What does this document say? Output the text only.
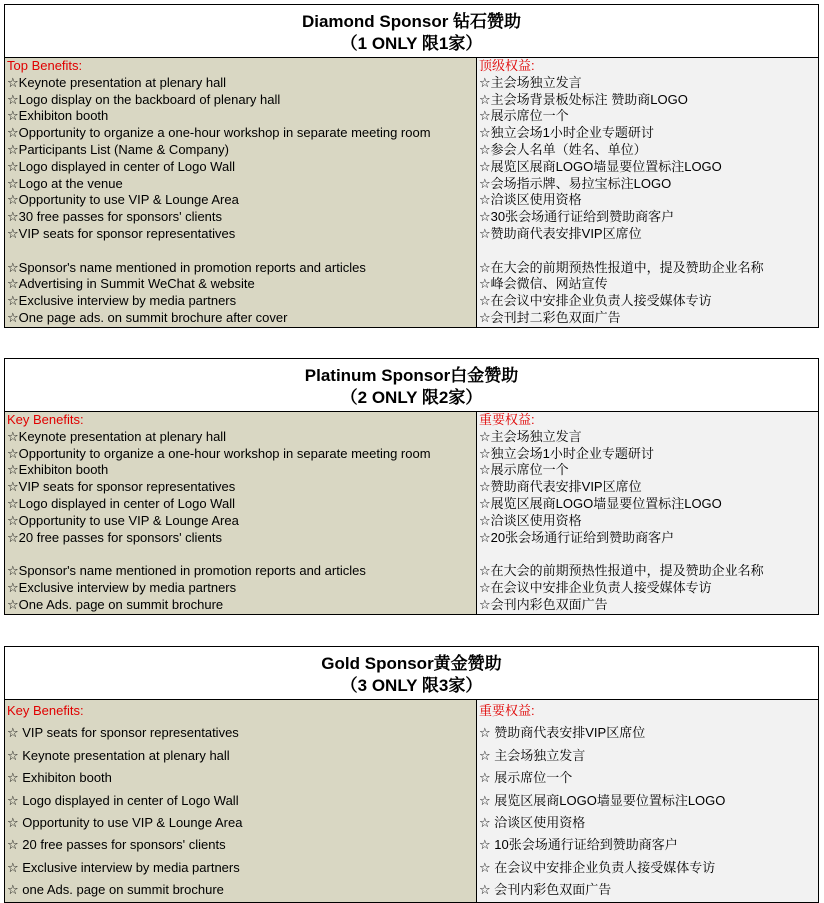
Diamond Sponsor 钻石赞助
（1 ONLY 限1家）
Top Benefits:
☆Keynote presentation at plenary hall
☆Logo display on the backboard of plenary hall
☆Exhibiton booth
☆Opportunity to organize a one-hour workshop in separate meeting room
☆Participants List (Name & Company)
☆Logo displayed in center of Logo Wall
☆Logo at the venue
☆Opportunity to use VIP & Lounge Area
☆30 free passes for sponsors' clients
☆VIP seats for sponsor representatives
☆Sponsor's name mentioned in promotion reports and articles
☆Advertising in Summit WeChat & website
☆Exclusive interview by media partners
☆One page ads. on summit brochure after cover
顶级权益:
☆主会场独立发言
☆主会场背景板处标注 赞助商LOGO
☆展示席位一个
☆独立会场1小时企业专题研讨
☆参会人名单（姓名、单位）
☆展览区展商LOGO墙显要位置标注LOGO
☆会场指示牌、易拉宝标注LOGO
☆洽谈区使用资格
☆30张会场通行证给到赞助商客户
☆赞助商代表安排VIP区席位
☆在大会的前期预热性报道中，提及赞助企业名称
☆峰会微信、网站宣传
☆在会议中安排企业负责人接受媒体专访
☆会刊封二彩色双面广告
Platinum Sponsor白金赞助
（2 ONLY 限2家）
Key Benefits:
☆Keynote presentation at plenary hall
☆Opportunity to organize a one-hour workshop in separate meeting room
☆Exhibiton booth
☆VIP seats for sponsor representatives
☆Logo displayed in center of Logo Wall
☆Opportunity to use VIP & Lounge Area
☆20 free passes for sponsors' clients
☆Sponsor's name mentioned in promotion reports and articles
☆Exclusive interview by media partners
☆One Ads. page on summit brochure
重要权益:
☆主会场独立发言
☆独立会场1小时企业专题研讨
☆展示席位一个
☆赞助商代表安排VIP区席位
☆展览区展商LOGO墙显要位置标注LOGO
☆洽谈区使用资格
☆20张会场通行证给到赞助商客户
☆在大会的前期预热性报道中，提及赞助企业名称
☆在会议中安排企业负责人接受媒体专访
☆会刊内彩色双面广告
Gold Sponsor黄金赞助
（3 ONLY 限3家）
Key Benefits:
☆ VIP seats for sponsor representatives
☆ Keynote presentation at plenary hall
☆ Exhibiton booth
☆ Logo displayed in center of Logo Wall
☆ Opportunity to use VIP & Lounge Area
☆ 20 free passes for sponsors' clients
☆ Exclusive interview by media partners
☆ one Ads. page on summit brochure
重要权益:
☆ 赞助商代表安排VIP区席位
☆ 主会场独立发言
☆ 展示席位一个
☆ 展览区展商LOGO墙显要位置标注LOGO
☆ 洽谈区使用资格
☆ 10张会场通行证给到赞助商客户
☆ 在会议中安排企业负责人接受媒体专访
☆ 会刊内彩色双面广告
